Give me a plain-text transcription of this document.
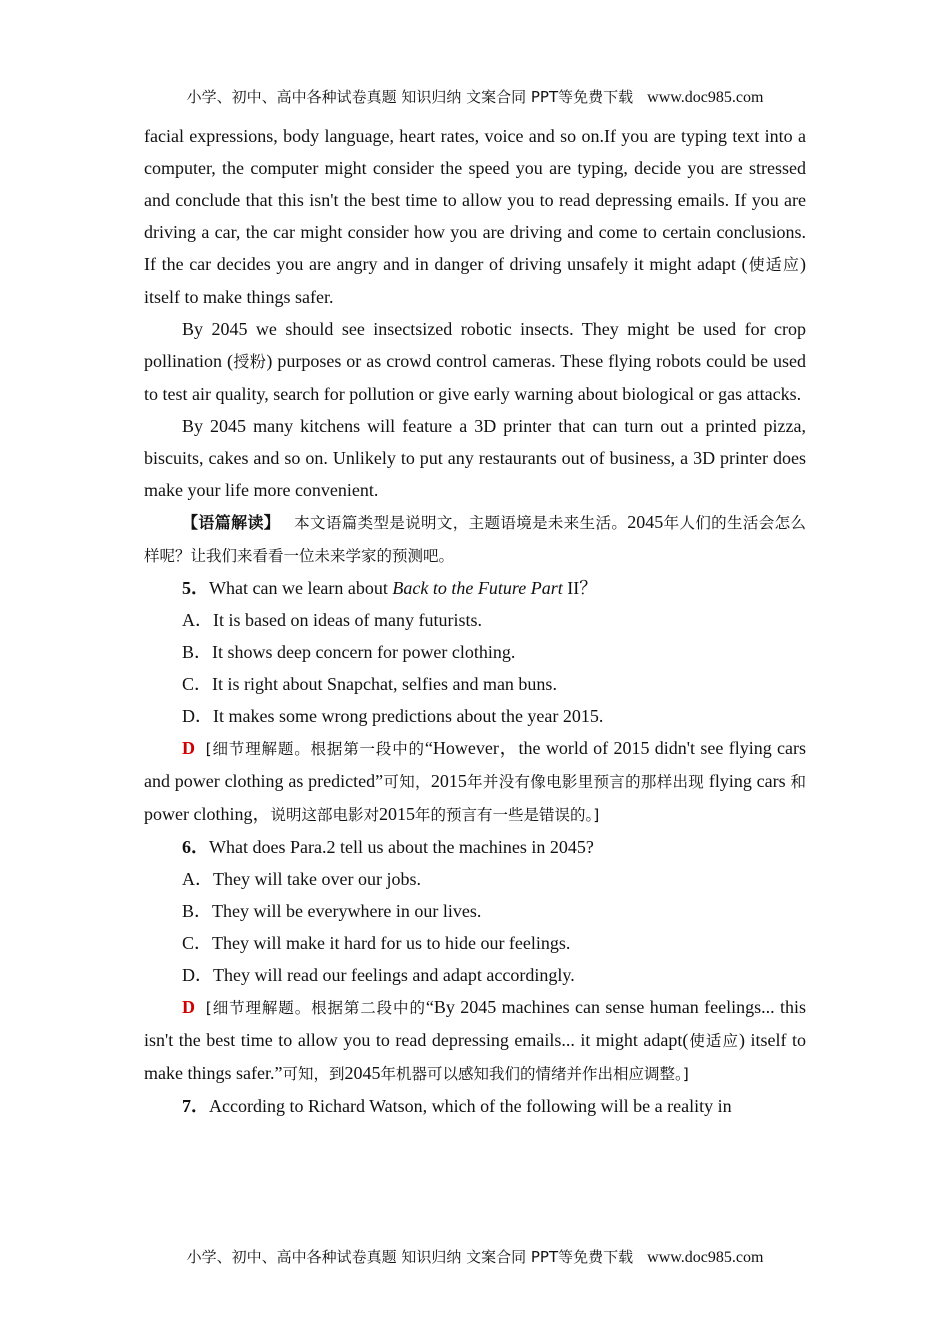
小学、初中、高中各种试卷真题 知识归纳 文案合同 PPT等免费下载 www.doc985.com

facial expressions, body language, heart rates, voice and so on.If you are typing text into a computer, the computer might consider the speed you are typing, decide you are stressed and conclude that this isn't the best time to allow you to read depressing emails. If you are driving a car, the car might consider how you are driving and come to certain conclusions. If the car decides you are angry and in danger of driving unsafely it might adapt (使适应) itself to make things safer.

By 2045 we should see insectsized robotic insects. They might be used for crop pollination (授粉) purposes or as crowd control cameras. These flying robots could be used to test air quality, search for pollution or give early warning about biological or gas attacks.

By 2045 many kitchens will feature a 3D printer that can turn out a printed pizza, biscuits, cakes and so on. Unlikely to put any restaurants out of business, a 3D printer does make your life more convenient.

【语篇解读】 本文语篇类型是说明文，主题语境是未来生活。2045年人们的生活会怎么样呢？让我们来看看一位未来学家的预测吧。

5．What can we learn about Back to the Future Part II？

A．It is based on ideas of many futurists.

B．It shows deep concern for power clothing.

C．It is right about Snapchat, selfies and man buns.

D．It makes some wrong predictions about the year 2015.

D [细节理解题。根据第一段中的“However，the world of 2015 didn't see flying cars and power clothing as predicted”可知，2015年并没有像电影里预言的那样出现 flying cars 和 power clothing，说明这部电影对2015年的预言有一些是错误的。]

6．What does Para.2 tell us about the machines in 2045?

A．They will take over our jobs.

B．They will be everywhere in our lives.

C．They will make it hard for us to hide our feelings.

D．They will read our feelings and adapt accordingly.

D [细节理解题。根据第二段中的“By 2045 machines can sense human feelings... this isn't the best time to allow you to read depressing emails... it might adapt(使适应) itself to make things safer.”可知，到2045年机器可以感知我们的情绪并作出相应调整。]

7．According to Richard Watson, which of the following will be a reality in

小学、初中、高中各种试卷真题 知识归纳 文案合同 PPT等免费下载 www.doc985.com
